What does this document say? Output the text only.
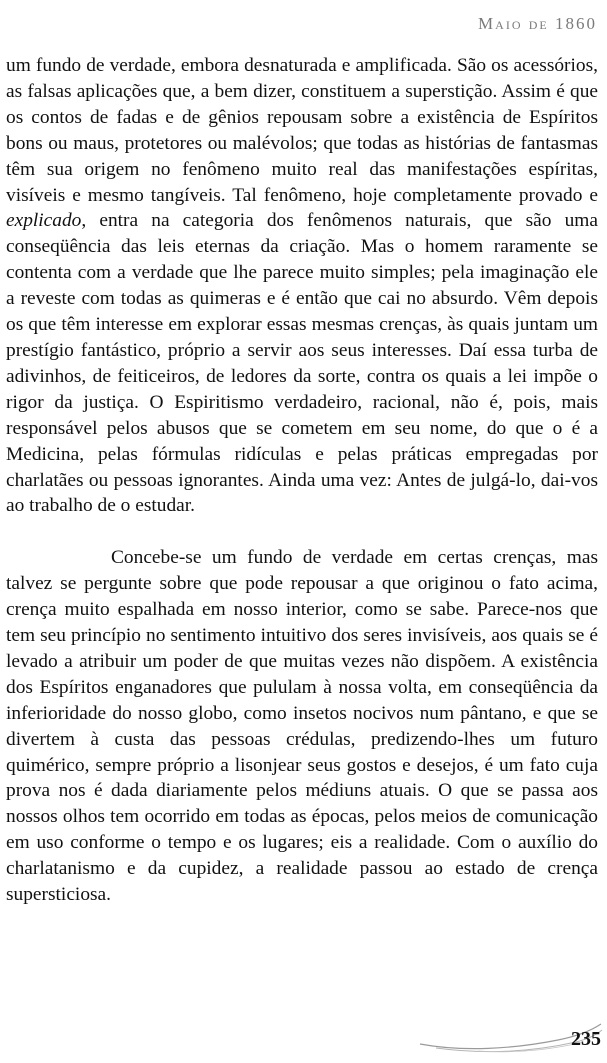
Maio de 1860

um fundo de verdade, embora desnaturada e amplificada. São os acessórios, as falsas aplicações que, a bem dizer, constituem a superstição. Assim é que os contos de fadas e de gênios repousam sobre a existência de Espíritos bons ou maus, protetores ou malévolos; que todas as histórias de fantasmas têm sua origem no fenômeno muito real das manifestações espíritas, visíveis e mesmo tangíveis. Tal fenômeno, hoje completamente provado e explicado, entra na categoria dos fenômenos naturais, que são uma conseqüência das leis eternas da criação. Mas o homem raramente se contenta com a verdade que lhe parece muito simples; pela imaginação ele a reveste com todas as quimeras e é então que cai no absurdo. Vêm depois os que têm interesse em explorar essas mesmas crenças, às quais juntam um prestígio fantástico, próprio a servir aos seus interesses. Daí essa turba de adivinhos, de feiticeiros, de ledores da sorte, contra os quais a lei impõe o rigor da justiça. O Espiritismo verdadeiro, racional, não é, pois, mais responsável pelos abusos que se cometem em seu nome, do que o é a Medicina, pelas fórmulas ridículas e pelas práticas empregadas por charlatães ou pessoas ignorantes. Ainda uma vez: Antes de julgá-lo, dai-vos ao trabalho de o estudar.

Concebe-se um fundo de verdade em certas crenças, mas talvez se pergunte sobre que pode repousar a que originou o fato acima, crença muito espalhada em nosso interior, como se sabe. Parece-nos que tem seu princípio no sentimento intuitivo dos seres invisíveis, aos quais se é levado a atribuir um poder de que muitas vezes não dispõem. A existência dos Espíritos enganadores que pululam à nossa volta, em conseqüência da inferioridade do nosso globo, como insetos nocivos num pântano, e que se divertem à custa das pessoas crédulas, predizendo-lhes um futuro quimérico, sempre próprio a lisonjear seus gostos e desejos, é um fato cuja prova nos é dada diariamente pelos médiuns atuais. O que se passa aos nossos olhos tem ocorrido em todas as épocas, pelos meios de comunicação em uso conforme o tempo e os lugares; eis a realidade. Com o auxílio do charlatanismo e da cupidez, a realidade passou ao estado de crença supersticiosa.

235
